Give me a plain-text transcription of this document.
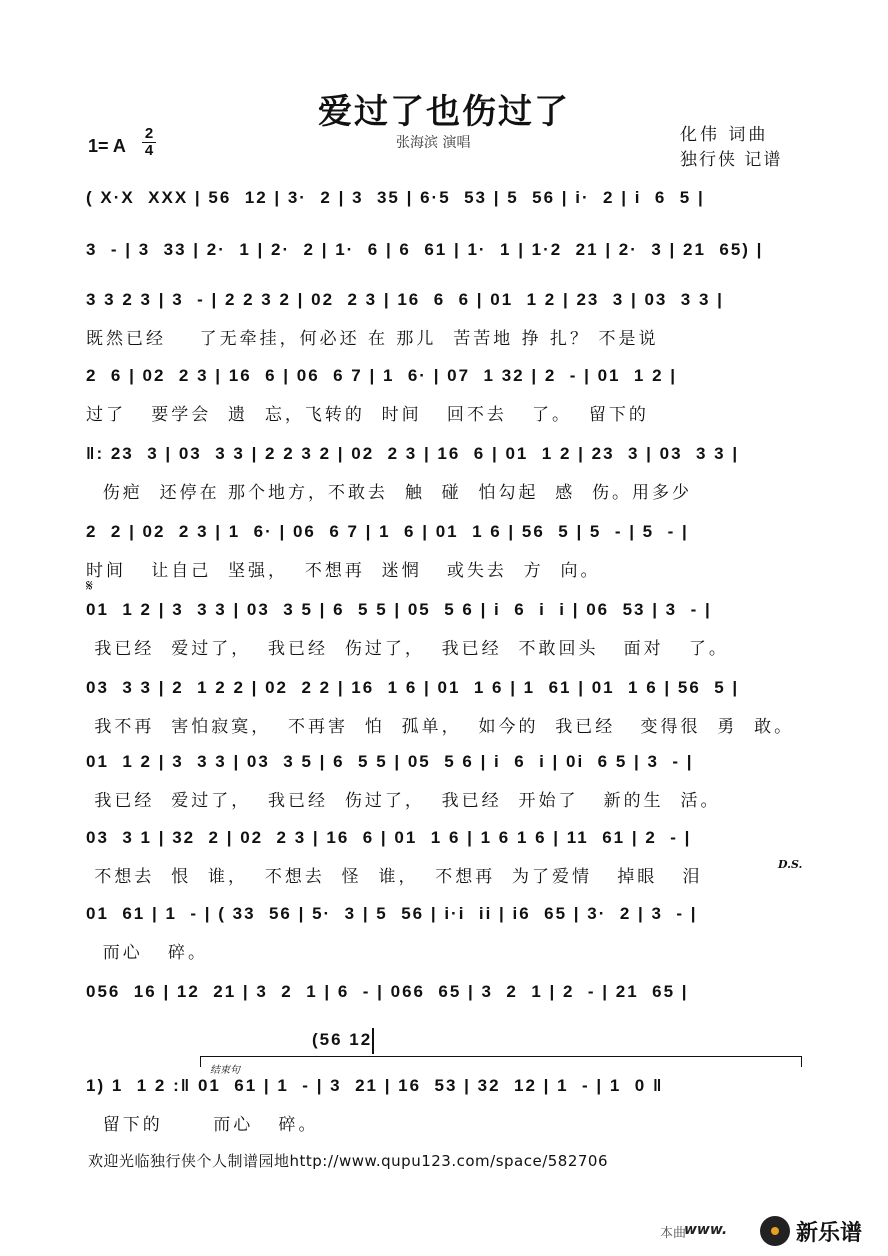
爱过了也伤过了
张海滨 演唱	化伟 词曲
独行侠 记谱
1= A
2
4
( X·X  XXX | 56  12 | 3·  2 | 3  35 | 6·5  53 | 5  56 | i·  2 | i  6  5 |
3  - | 3  33 | 2·  1 | 2·  2 | 1·  6 | 6  61 | 1·  1 | 1·2  21 | 2·  3 | 21  65) |
3 3 2 3 | 3  - | 2 2 3 2 | 02  2 3 | 16  6  6 | 01  1 2 | 23  3 | 03  3 3 |
既然已经    了无牵挂，何必还 在 那儿  苦苦地 挣 扎？ 不是说
2  6 | 02  2 3 | 16  6 | 06  6 7 | 1  6· | 07  1 32 | 2  - | 01  1 2 |
过了   要学会  遗  忘，飞转的  时间   回不去   了。  留下的
‖: 23  3 | 03  3 3 | 2 2 3 2 | 02  2 3 | 16  6 | 01  1 2 | 23  3 | 03  3 3 |
伤疤  还停在 那个地方，不敢去  触  碰  怕勾起  感  伤。用多少
2  2 | 02  2 3 | 1  6· | 06  6 7 | 1  6 | 01  1 6 | 56  5 | 5  - | 5  - |
时间   让自己  坚强，  不想再  迷惘   或失去  方  向。
𝄋
01  1 2 | 3  3 3 | 03  3 5 | 6  5 5 | 05  5 6 | i  6  i  i | 06  53 | 3  - |
我已经  爱过了，  我已经  伤过了，  我已经  不敢回头   面对   了。
03  3 3 | 2  1 2 2 | 02  2 2 | 16  1 6 | 01  1 6 | 1  61 | 01  1 6 | 56  5 |
我不再  害怕寂寞，  不再害  怕  孤单，  如今的  我已经   变得很  勇  敢。
01  1 2 | 3  3 3 | 03  3 5 | 6  5 5 | 05  5 6 | i  6  i | 0i  6 5 | 3  - |
我已经  爱过了，  我已经  伤过了，  我已经  开始了   新的生  活。
03  3 1 | 32  2 | 02  2 3 | 16  6 | 01  1 6 | 1 6 1 6 | 11  61 | 2  - |
不想去  恨  谁，  不想去  怪  谁，  不想再  为了爱情   掉眼   泪
D.S.
01  61 | 1  - | ( 33  56 | 5·  3 | 5  56 | i·i  ii | i6  65 | 3·  2 | 3  - |
而心   碎。
056  16 | 12  21 | 3  2  1 | 6  - | 066  65 | 3  2  1 | 2  - | 21  65 |
(56 12
结束句
1) 1  1 2 :‖ 01  61 | 1  - | 3  21 | 16  53 | 32  12 | 1  - | 1  0 ‖
留下的      而心   碎。
欢迎光临独行侠个人制谱园地http://www.qupu123.com/space/582706
本曲
www.	新乐谱
